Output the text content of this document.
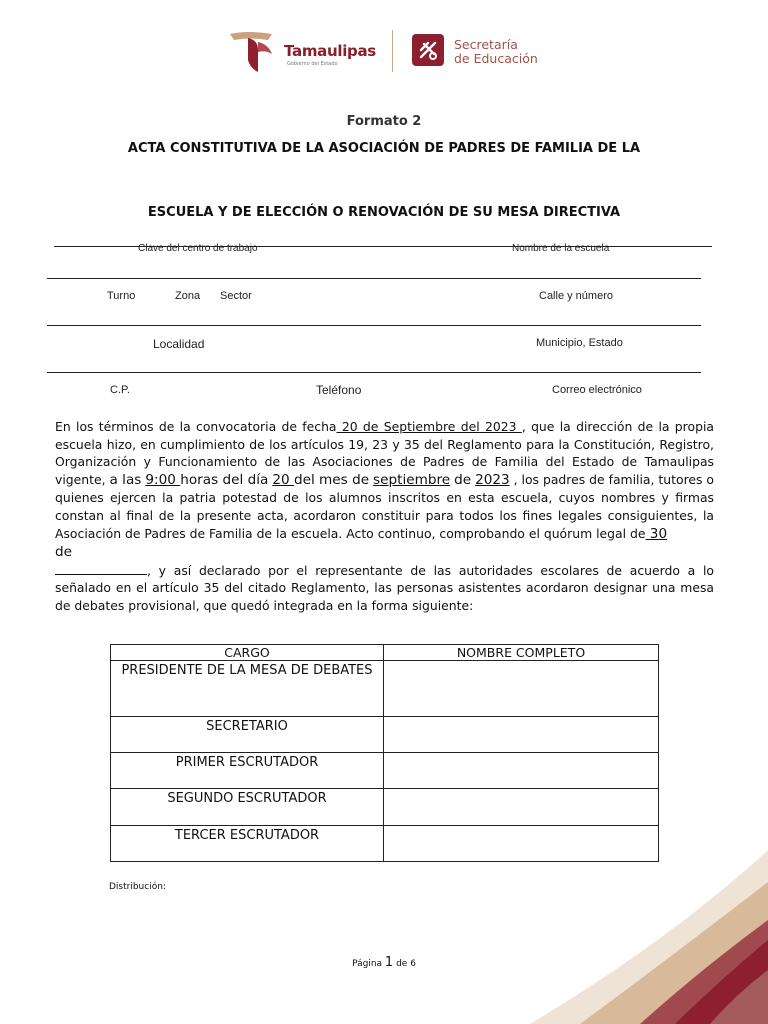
Tamaulipas
Gobierno del Estado
Secretaría
de Educación
Formato 2
ACTA CONSTITUTIVA DE LA ASOCIACIÓN DE PADRES DE FAMILIA DE LA
ESCUELA Y DE ELECCIÓN O RENOVACIÓN DE SU MESA DIRECTIVA
Clave del centro de trabajo	Nombre de la escuela
Turno	Zona Sector	Calle y número
Localidad	Municipio, Estado
C.P.	Teléfono	Correo electrónico
En los términos de la convocatoria de fecha 20 de Septiembre del 2023 , que la dirección de la propia escuela hizo, en cumplimiento de los artículos 19, 23 y 35 del Reglamento para la Constitución, Registro, Organización y Funcionamiento de las Asociaciones de Padres de Familia del Estado de Tamaulipas vigente, a las 9:00 horas del día 20 del mes de septiembre de 2023 , los padres de familia, tutores o quienes ejercen la patria potestad de los alumnos inscritos en esta escuela, cuyos nombres y firmas constan al final de la presente acta, acordaron constituir para todos los fines legales consiguientes, la Asociación de Padres de Familia de la escuela. Acto continuo, comprobando el quórum legal de 30
de
, y así declarado por el representante de las autoridades escolares de acuerdo a lo señalado en el artículo 35 del citado Reglamento, las personas asistentes acordaron designar una mesa de debates provisional, que quedó integrada en la forma siguiente:
CARGO	NOMBRE COMPLETO
PRESIDENTE DE LA MESA DE DEBATES	
SECRETARIO	
PRIMER ESCRUTADOR	
SEGUNDO ESCRUTADOR	
TERCER ESCRUTADOR	
Distribución:
Página 1 de 6
